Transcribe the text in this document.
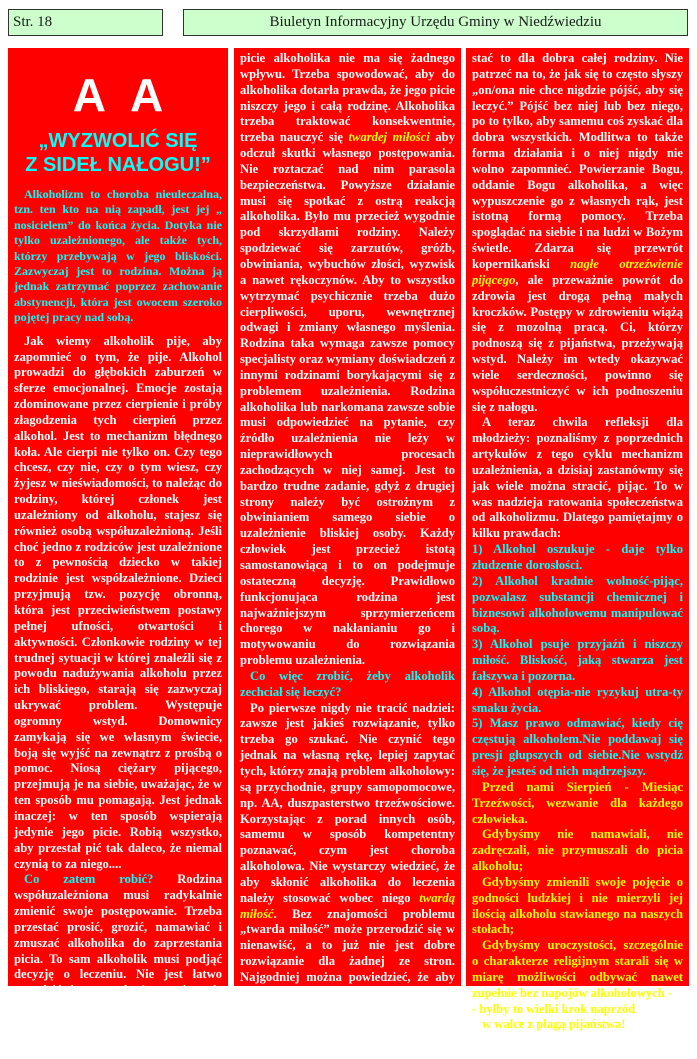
Str. 18	Biuletyn Informacyjny Urzędu Gminy w Niedźwiedziu
AA
„WYZWOLIĆ SIĘ
Z SIDEŁ NAŁOGU!”

Alkoholizm to choroba nieuleczalna, tzn. ten kto na nią zapadł, jest jej „ nosicielem” do końca życia. Dotyka nie tylko uzależnionego, ale także tych, którzy przebywają w jego bliskości. Zazwyczaj jest to rodzina. Można ją jednak zatrzymać poprzez zachowanie abstynencji, która jest owocem szeroko pojętej pracy nad sobą.

Jak wiemy alkoholik pije, aby zapomnieć o tym, że pije. Alkohol prowadzi do głębokich zaburzeń w sferze emocjonalnej. Emocje zostają zdominowane przez cierpienie i próby złagodzenia tych cierpień przez alkohol. Jest to mechanizm błędnego koła. Ale cierpi nie tylko on. Czy tego chcesz, czy nie, czy o tym wiesz, czy żyjesz w nieświadomości, to należąc do rodziny, której członek jest uzależniony od alkoholu, stajesz się również osobą współuzależnioną. Jeśli choć jedno z rodziców jest uzależnione to z pewnością dziecko w takiej rodzinie jest współzależnione. Dzieci przyjmują tzw. pozycję obronną, która jest przeciwieństwem postawy pełnej ufności, otwartości i aktywności. Członkowie rodziny w tej trudnej sytuacji w której znaleźli się z powodu nadużywania alkoholu przez ich bliskiego, starają się zazwyczaj ukrywać problem. Występuje ogromny wstyd. Domownicy zamykają się we własnym świecie, boją się wyjść na zewnątrz z prośbą o pomoc. Niosą ciężary pijącego, przejmują je na siebie, uważając, że w ten sposób mu pomagają. Jest jednak inaczej: w ten sposób wspierają jedynie jego picie. Robią wszystko, aby przestał pić tak daleco, że niemal czynią to za niego....

Co zatem robić? Rodzina współuzależniona musi radykalnie zmienić swoje postępowanie. Trzeba przestać prosić, grozić, namawiać i zmuszać alkoholika do zaprzestania picia. To sam alkoholik musi podjąć decyzję o leczeniu. Nie jest łatwo pogodzić się z prawdą, że wrogiem nie jest alkoholik, tylko choroba, że na

picie alkoholika nie ma się żadnego wpływu. Trzeba spowodować, aby do alkoholika dotarła prawda, że jego picie niszczy jego i całą rodzinę. Alkoholika trzeba traktować konsekwentnie, trzeba nauczyć się twardej miłości aby odczuł skutki własnego postępowania. Nie roztaczać nad nim parasola bezpieczeństwa. Powyższe działanie musi się spotkać z ostrą reakcją alkoholika. Było mu przecież wygodnie pod skrzydłami rodziny. Należy spodziewać się zarzutów, gróźb, obwiniania, wybuchów złości, wyzwisk a nawet rękoczynów. Aby to wszystko wytrzymać psychicznie trzeba dużo cierpliwości, uporu, wewnętrznej odwagi i zmiany własnego myślenia. Rodzina taka wymaga zawsze pomocy specjalisty oraz wymiany doświadczeń z innymi rodzinami borykającymi się z problemem uzależnienia. Rodzina alkoholika lub narkomana zawsze sobie musi odpowiedzieć na pytanie, czy źródło uzależnienia nie leży w nieprawidłowych procesach zachodzących w niej samej. Jest to bardzo trudne zadanie, gdyż z drugiej strony należy być ostrożnym z obwinianiem samego siebie o uzależnienie bliskiej osoby. Każdy człowiek jest przecież istotą samostanowiącą i to on podejmuje ostateczną decyzję. Prawidłowo funkcjonująca rodzina jest najważniejszym sprzymierzeńcem chorego w nakłanianiu go i motywowaniu do rozwiązania problemu uzależnienia.

Co więc zrobić, żeby alkoholik zechciał się leczyć?

Po pierwsze nigdy nie tracić nadziei: zawsze jest jakieś rozwiązanie, tylko trzeba go szukać. Nie czynić tego jednak na własną rękę, lepiej zapytać tych, którzy znają problem alkoholowy: są przychodnie, grupy samopomocowe, np. AA, duszpasterstwo trzeźwościowe. Korzystając z porad innych osób, samemu w sposób kompetentny poznawać, czym jest choroba alkoholowa. Nie wystarczy wiedzieć, że aby skłonić alkoholika do leczenia należy stosować wobec niego twardą miłość. Bez znajomości problemu „twarda miłość” może przerodzić się w nienawiść, a to już nie jest dobre rozwiązanie dla żadnej ze stron. Najgodniej można powiedzieć, że aby pomóc alkoholikowi najpierw należy zatroszczyć się o swoją wiedzę, swoją siłę ducha, a potem dopiero wykorzy-

stać to dla dobra całej rodziny. Nie patrzeć na to, że jak się to często słyszy „on/ona nie chce nigdzie pójść, aby się leczyć.” Pójść bez niej lub bez niego, po to tylko, aby samemu coś zyskać dla dobra wszystkich. Modlitwa to także forma działania i o niej nigdy nie wolno zapomnieć. Powierzanie Bogu, oddanie Bogu alkoholika, a więc wypuszczenie go z własnych rąk, jest istotną formą pomocy. Trzeba spoglądać na siebie i na ludzi w Bożym świetle. Zdarza się przewrót kopernikański nagłe otrzeźwienie pijącego, ale przeważnie powrót do zdrowia jest drogą pełną małych kroczków. Postępy w zdrowieniu wiążą się z mozolną pracą. Ci, którzy podnoszą się z pijaństwa, przeżywają wstyd. Należy im wtedy okazywać wiele serdeczności, powinno się współuczestniczyć w ich podnoszeniu się z nałogu.

A teraz chwila refleksji dla młodzieży: poznaliśmy z poprzednich artykułów z tego cyklu mechanizm uzależnienia, a dzisiaj zastanówmy się jak wiele można stracić, pijąc. To w was nadzieja ratowania społeczeństwa od alkoholizmu. Dlatego pamiętajmy o kilku prawdach:

1) Alkohol oszukuje - daje tylko złudzenie dorosłości.

2) Alkohol kradnie wolność-pijąc, pozwalasz substancji chemicznej i biznesowi alkoholowemu manipulować sobą.

3) Alkohol psuje przyjaźń i niszczy miłość. Bliskość, jaką stwarza jest fałszywa i pozorna.

4) Alkohol otępia-nie ryzykuj utra-ty smaku życia.

5) Masz prawo odmawiać, kiedy cię częstują alkoholem.Nie poddawaj się presji głupszych od siebie.Nie wstydź się, że jesteś od nich mądrzejszy.

Przed nami Sierpień - Miesiąc Trzeźwości, wezwanie dla każdego człowieka.

Gdybyśmy nie namawiali, nie zadręczali, nie przymuszali do picia alkoholu;

Gdybyśmy zmienili swoje pojęcie o godności ludzkiej i nie mierzyli jej ilością alkoholu stawianego na naszych stołach;

Gdybyśmy uroczystości, szczególnie o charakterze religijnym starali się w miarę możliwości odbywać nawet zupełnie bez napojów alkoholowych -

- byłby to wielki krok naprzód

w walce z plagą pijaństwa!

Opracowała Maria Lupa
